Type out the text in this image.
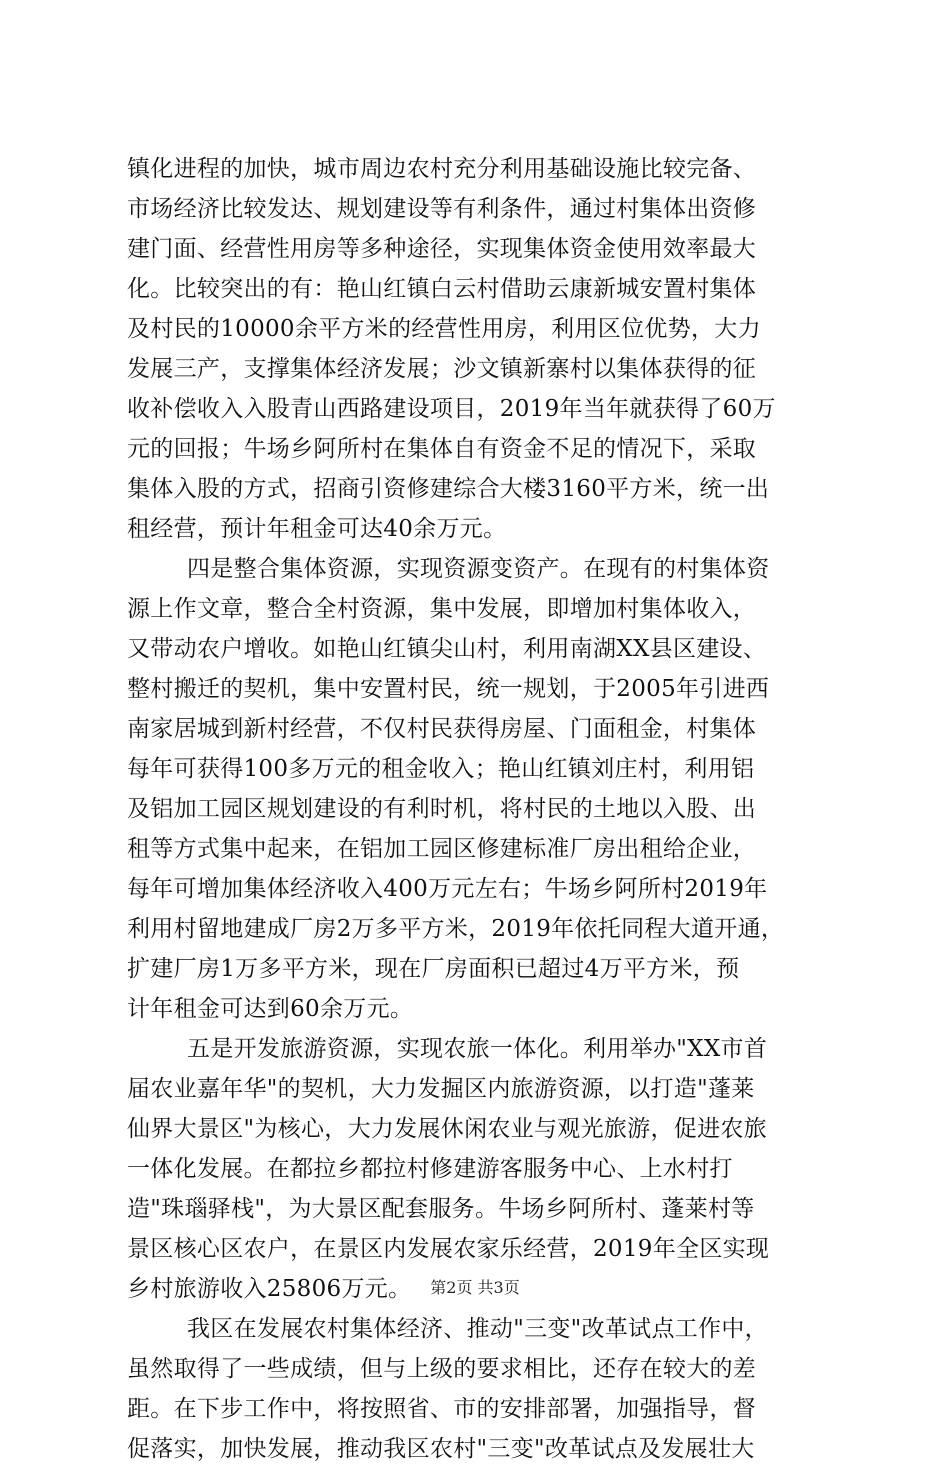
镇化进程的加快，城市周边农村充分利用基础设施比较完备、
市场经济比较发达、规划建设等有利条件，通过村集体出资修
建门面、经营性用房等多种途径，实现集体资金使用效率最大
化。比较突出的有：艳山红镇白云村借助云康新城安置村集体
及村民的10000余平方米的经营性用房，利用区位优势，大力
发展三产，支撑集体经济发展；沙文镇新寨村以集体获得的征
收补偿收入入股青山西路建设项目，2019年当年就获得了60万
元的回报；牛场乡阿所村在集体自有资金不足的情况下，采取
集体入股的方式，招商引资修建综合大楼3160平方米，统一出
租经营，预计年租金可达40余万元。
四是整合集体资源，实现资源变资产。在现有的村集体资
源上作文章，整合全村资源，集中发展，即增加村集体收入，
又带动农户增收。如艳山红镇尖山村，利用南湖XX县区建设、
整村搬迁的契机，集中安置村民，统一规划，于2005年引进西
南家居城到新村经营，不仅村民获得房屋、门面租金，村集体
每年可获得100多万元的租金收入；艳山红镇刘庄村，利用铝
及铝加工园区规划建设的有利时机，将村民的土地以入股、出
租等方式集中起来，在铝加工园区修建标准厂房出租给企业，
每年可增加集体经济收入400万元左右；牛场乡阿所村2019年
利用村留地建成厂房2万多平方米，2019年依托同程大道开通，
扩建厂房1万多平方米，现在厂房面积已超过4万平方米，预
计年租金可达到60余万元。
五是开发旅游资源，实现农旅一体化。利用举办"XX市首
届农业嘉年华"的契机，大力发掘区内旅游资源，以打造"蓬莱
仙界大景区"为核心，大力发展休闲农业与观光旅游，促进农旅
一体化发展。在都拉乡都拉村修建游客服务中心、上水村打
造"珠瑙驿栈"，为大景区配套服务。牛场乡阿所村、蓬莱村等
景区核心区农户，在景区内发展农家乐经营，2019年全区实现
乡村旅游收入25806万元。
我区在发展农村集体经济、推动"三变"改革试点工作中，
虽然取得了一些成绩，但与上级的要求相比，还存在较大的差
距。在下步工作中，将按照省、市的安排部署，加强指导，督
促落实，加快发展，推动我区农村"三变"改革试点及发展壮大
第2页 共3页
